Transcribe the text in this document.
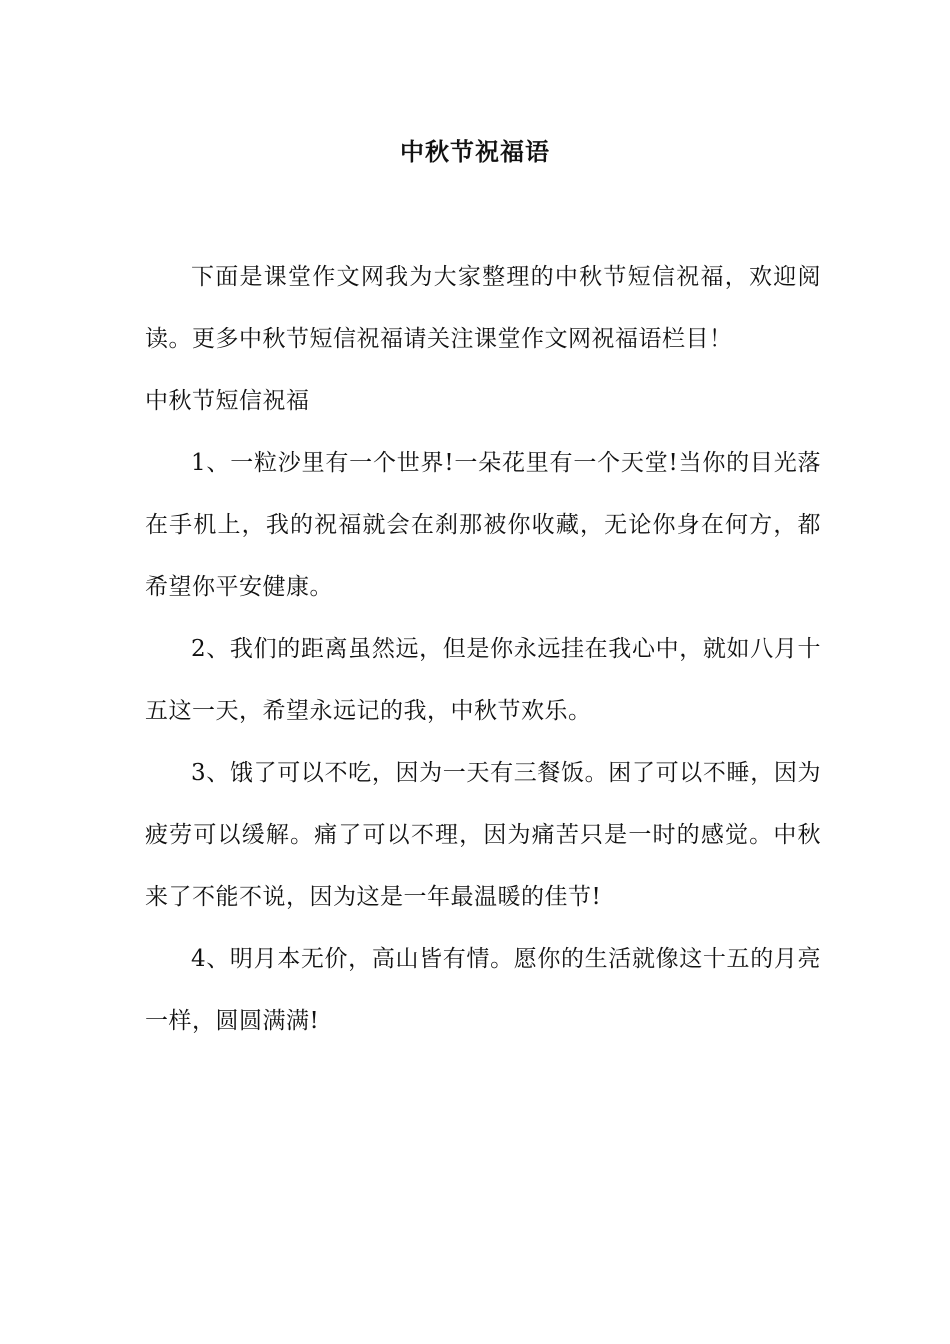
中秋节祝福语

下面是课堂作文网我为大家整理的中秋节短信祝福，欢迎阅读。更多中秋节短信祝福请关注课堂作文网祝福语栏目！

中秋节短信祝福

1、一粒沙里有一个世界!一朵花里有一个天堂!当你的目光落在手机上，我的祝福就会在刹那被你收藏，无论你身在何方，都希望你平安健康。

2、我们的距离虽然远，但是你永远挂在我心中，就如八月十五这一天，希望永远记的我，中秋节欢乐。

3、饿了可以不吃，因为一天有三餐饭。困了可以不睡，因为疲劳可以缓解。痛了可以不理，因为痛苦只是一时的感觉。中秋来了不能不说，因为这是一年最温暖的佳节!

4、明月本无价，高山皆有情。愿你的生活就像这十五的月亮一样，圆圆满满!
